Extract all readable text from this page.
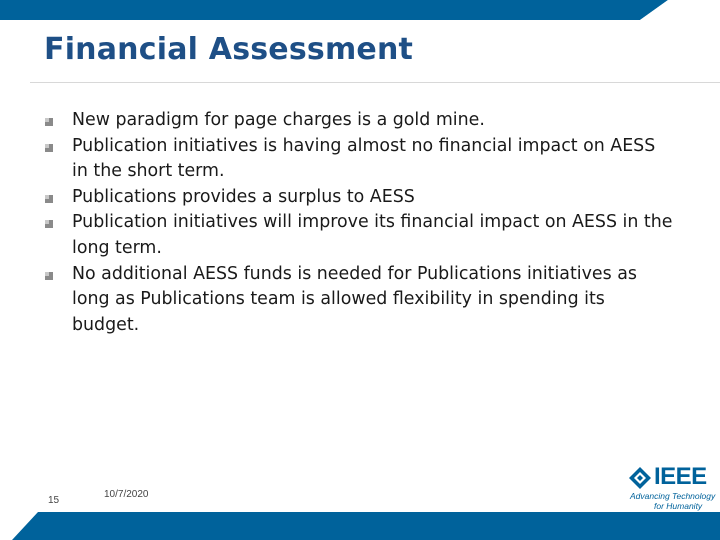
Financial Assessment
New paradigm for page charges is a gold mine.
Publication initiatives is having almost no financial impact on AESS in the short term.
Publications provides a surplus to AESS
Publication initiatives will improve its financial impact on AESS in the long term.
No additional AESS funds is needed for Publications initiatives as long as Publications team is allowed flexibility in spending its budget.
15
10/7/2020
IEEE
Advancing Technology
for Humanity
